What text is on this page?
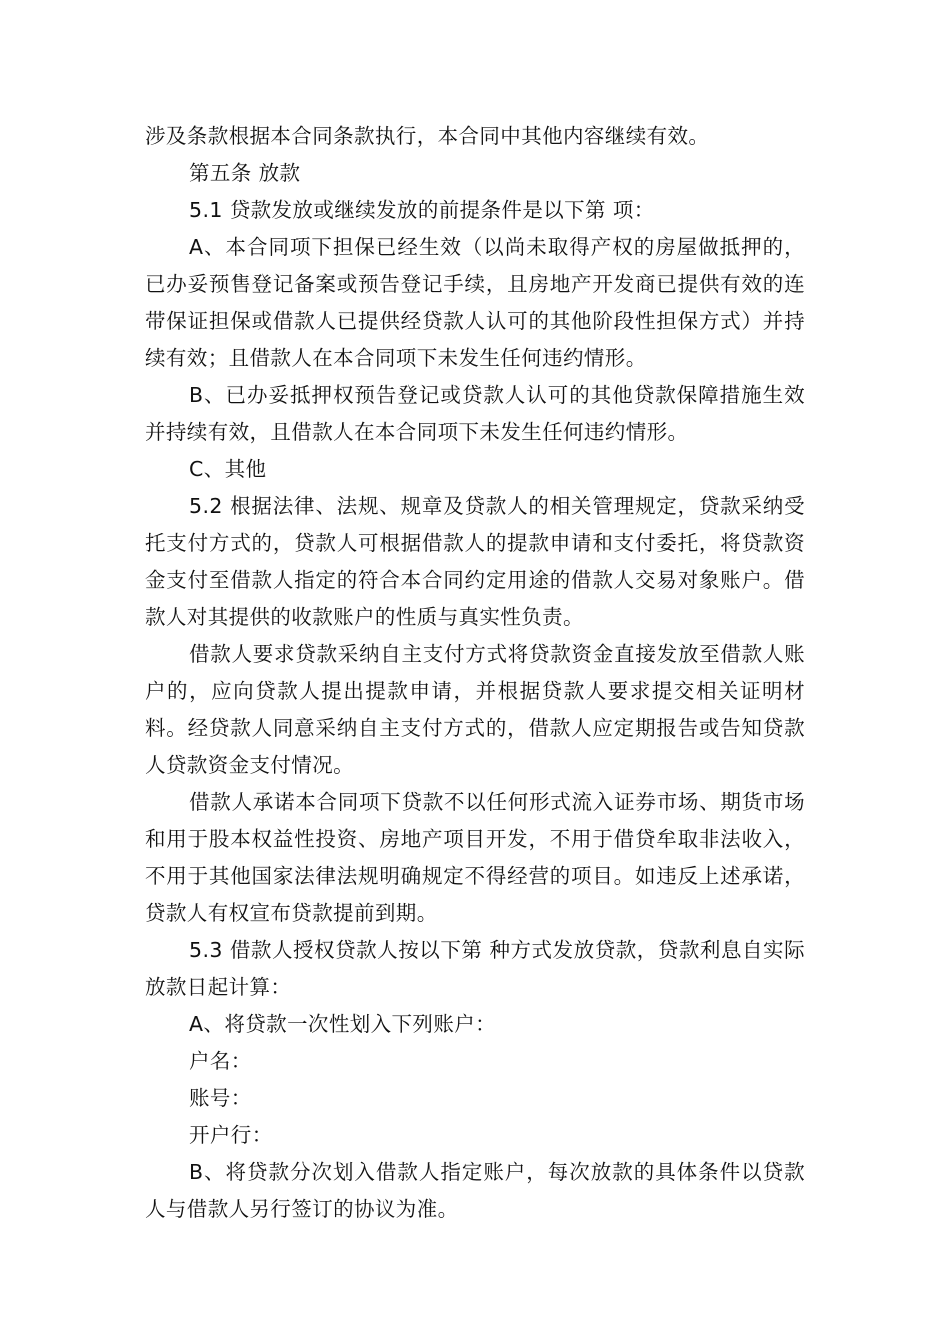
涉及条款根据本合同条款执行，本合同中其他内容继续有效。

第五条 放款

5.1 贷款发放或继续发放的前提条件是以下第 项：

A、本合同项下担保已经生效（以尚未取得产权的房屋做抵押的，已办妥预售登记备案或预告登记手续，且房地产开发商已提供有效的连带保证担保或借款人已提供经贷款人认可的其他阶段性担保方式）并持续有效；且借款人在本合同项下未发生任何违约情形。

B、已办妥抵押权预告登记或贷款人认可的其他贷款保障措施生效并持续有效，且借款人在本合同项下未发生任何违约情形。

C、其他

5.2 根据法律、法规、规章及贷款人的相关管理规定，贷款采纳受托支付方式的，贷款人可根据借款人的提款申请和支付委托，将贷款资金支付至借款人指定的符合本合同约定用途的借款人交易对象账户。借款人对其提供的收款账户的性质与真实性负责。

借款人要求贷款采纳自主支付方式将贷款资金直接发放至借款人账户的，应向贷款人提出提款申请，并根据贷款人要求提交相关证明材料。经贷款人同意采纳自主支付方式的，借款人应定期报告或告知贷款人贷款资金支付情况。

借款人承诺本合同项下贷款不以任何形式流入证券市场、期货市场和用于股本权益性投资、房地产项目开发，不用于借贷牟取非法收入，不用于其他国家法律法规明确规定不得经营的项目。如违反上述承诺，贷款人有权宣布贷款提前到期。

5.3 借款人授权贷款人按以下第 种方式发放贷款，贷款利息自实际放款日起计算：

A、将贷款一次性划入下列账户：

户名：

账号：

开户行：

B、将贷款分次划入借款人指定账户，每次放款的具体条件以贷款人与借款人另行签订的协议为准。
